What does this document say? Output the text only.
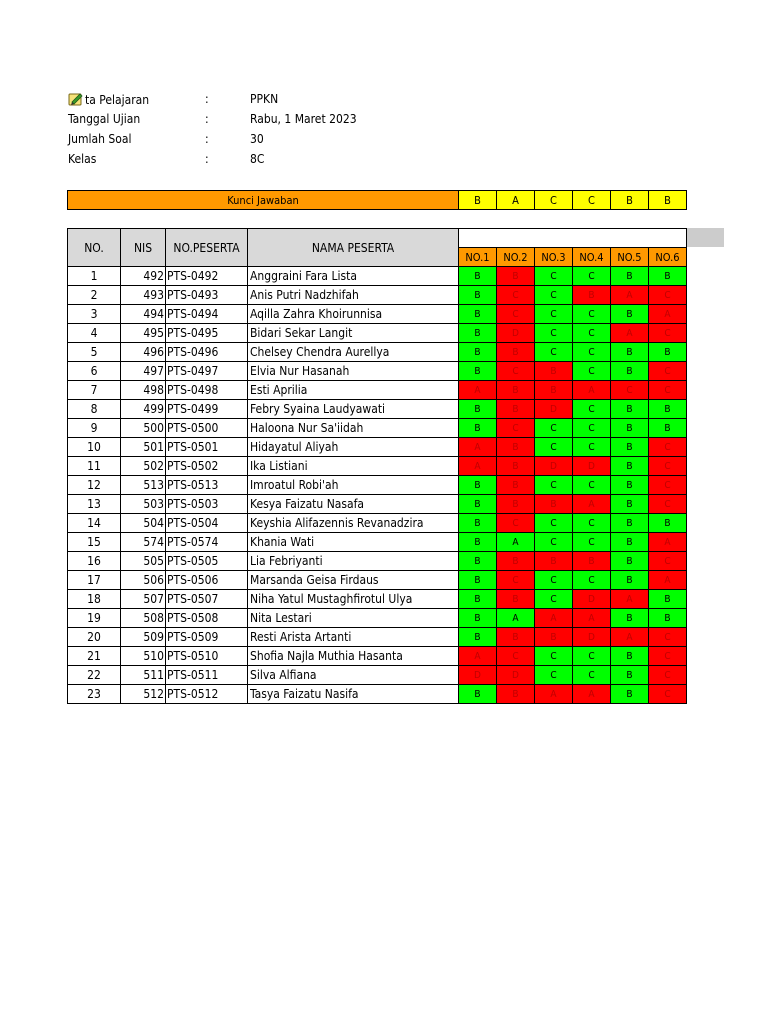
ta Pelajaran	:	PPKN
Tanggal Ujian	:	Rabu, 1 Maret 2023
Jumlah Soal	:	30
Kelas	:	8C
Kunci Jawaban	B	A	C	C	B	B
NO.	NIS	NO.PESERTA	NAMA PESERTA						
				NO.1	NO.2	NO.3	NO.4	NO.5	NO.6
1	492	PTS-0492	Anggraini Fara Lista	B	B	C	C	B	B
2	493	PTS-0493	Anis Putri Nadzhifah	B	C	C	B	A	C
3	494	PTS-0494	Aqilla Zahra Khoirunnisa	B	C	C	C	B	A
4	495	PTS-0495	Bidari Sekar Langit	B	D	C	C	A	C
5	496	PTS-0496	Chelsey Chendra Aurellya	B	B	C	C	B	B
6	497	PTS-0497	Elvia Nur Hasanah	B	C	B	C	B	C
7	498	PTS-0498	Esti Aprilia	A	B	B	A	C	C
8	499	PTS-0499	Febry Syaina Laudyawati	B	B	D	C	B	B
9	500	PTS-0500	Haloona Nur Sa'iidah	B	C	C	C	B	B
10	501	PTS-0501	Hidayatul Aliyah	A	B	C	C	B	C
11	502	PTS-0502	Ika Listiani	A	B	D	D	B	C
12	513	PTS-0513	Imroatul Robi'ah	B	B	C	C	B	C
13	503	PTS-0503	Kesya Faizatu Nasafa	B	B	B	A	B	C
14	504	PTS-0504	Keyshia Alifazennis Revanadzira	B	C	C	C	B	B
15	574	PTS-0574	Khania Wati	B	A	C	C	B	A
16	505	PTS-0505	Lia Febriyanti	B	B	B	B	B	C
17	506	PTS-0506	Marsanda Geisa Firdaus	B	C	C	C	B	A
18	507	PTS-0507	Niha Yatul Mustaghfirotul Ulya	B	B	C	D	A	B
19	508	PTS-0508	Nita Lestari	B	A	A	A	B	B
20	509	PTS-0509	Resti Arista Artanti	B	B	B	D	A	C
21	510	PTS-0510	Shofia Najla Muthia Hasanta	A	C	C	C	B	C
22	511	PTS-0511	Silva Alfiana	D	D	C	C	B	C
23	512	PTS-0512	Tasya Faizatu Nasifa	B	B	A	A	B	C
